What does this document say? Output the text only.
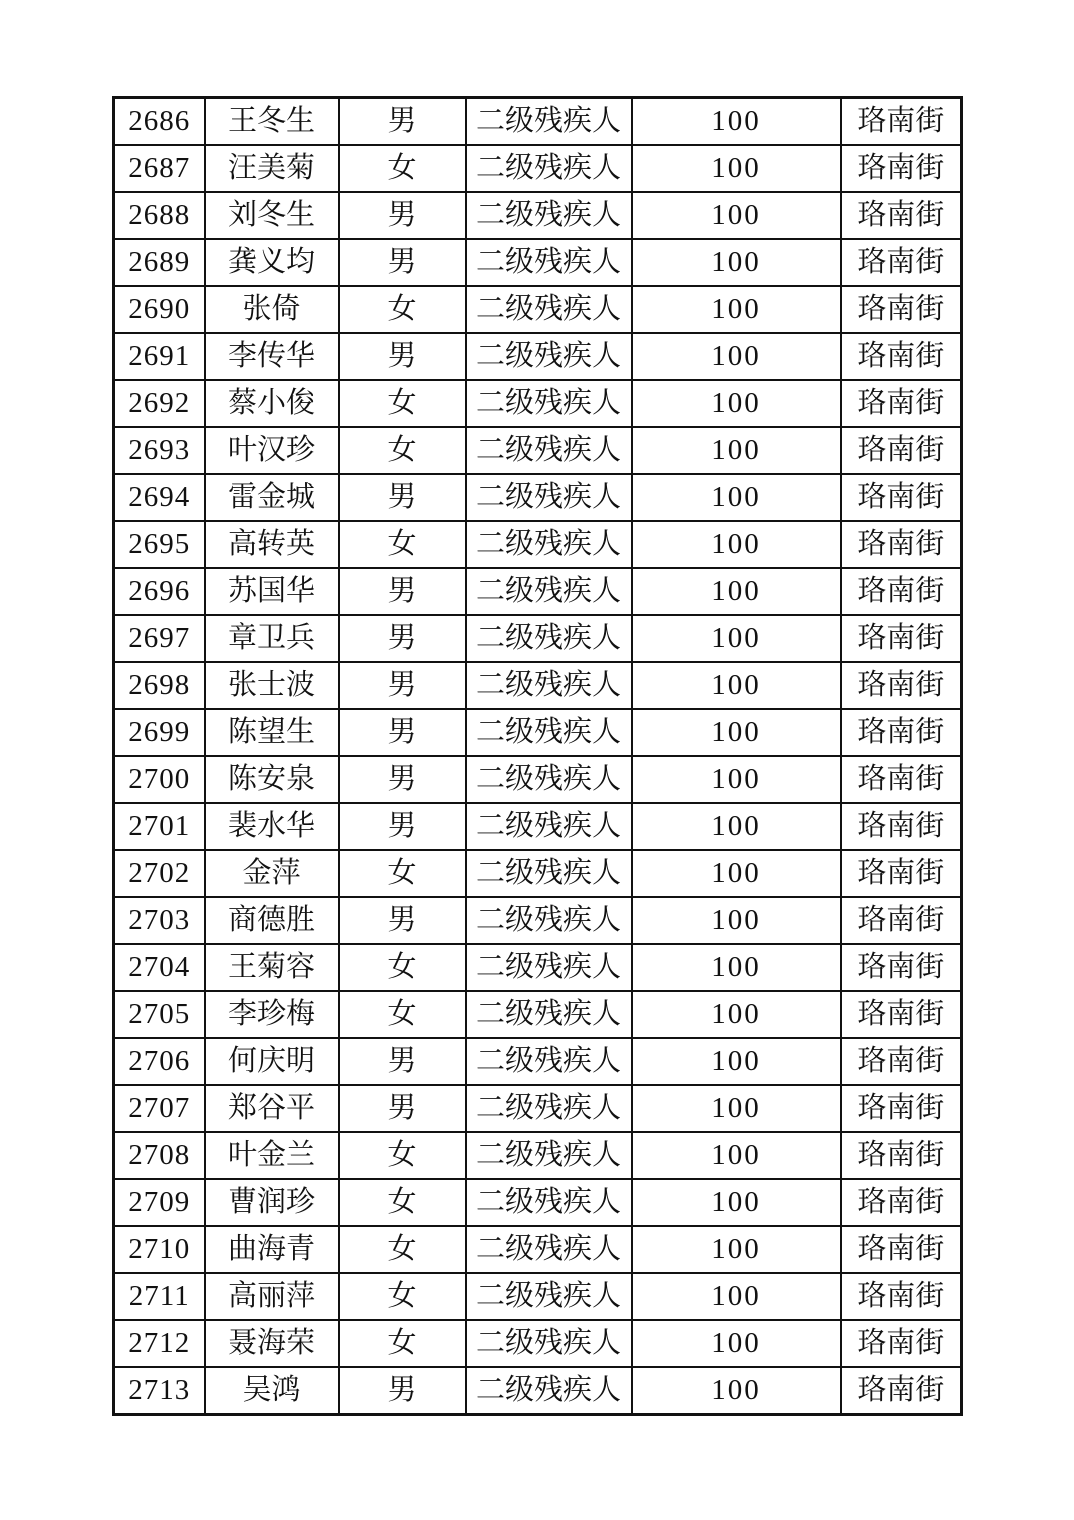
2686	王冬生	男	二级残疾人	100	珞南街
2687	汪美菊	女	二级残疾人	100	珞南街
2688	刘冬生	男	二级残疾人	100	珞南街
2689	龚义均	男	二级残疾人	100	珞南街
2690	张倚	女	二级残疾人	100	珞南街
2691	李传华	男	二级残疾人	100	珞南街
2692	蔡小俊	女	二级残疾人	100	珞南街
2693	叶汉珍	女	二级残疾人	100	珞南街
2694	雷金城	男	二级残疾人	100	珞南街
2695	高转英	女	二级残疾人	100	珞南街
2696	苏国华	男	二级残疾人	100	珞南街
2697	章卫兵	男	二级残疾人	100	珞南街
2698	张士波	男	二级残疾人	100	珞南街
2699	陈望生	男	二级残疾人	100	珞南街
2700	陈安泉	男	二级残疾人	100	珞南街
2701	裴水华	男	二级残疾人	100	珞南街
2702	金萍	女	二级残疾人	100	珞南街
2703	商德胜	男	二级残疾人	100	珞南街
2704	王菊容	女	二级残疾人	100	珞南街
2705	李珍梅	女	二级残疾人	100	珞南街
2706	何庆明	男	二级残疾人	100	珞南街
2707	郑谷平	男	二级残疾人	100	珞南街
2708	叶金兰	女	二级残疾人	100	珞南街
2709	曹润珍	女	二级残疾人	100	珞南街
2710	曲海青	女	二级残疾人	100	珞南街
2711	高丽萍	女	二级残疾人	100	珞南街
2712	聂海荣	女	二级残疾人	100	珞南街
2713	吴鸿	男	二级残疾人	100	珞南街
